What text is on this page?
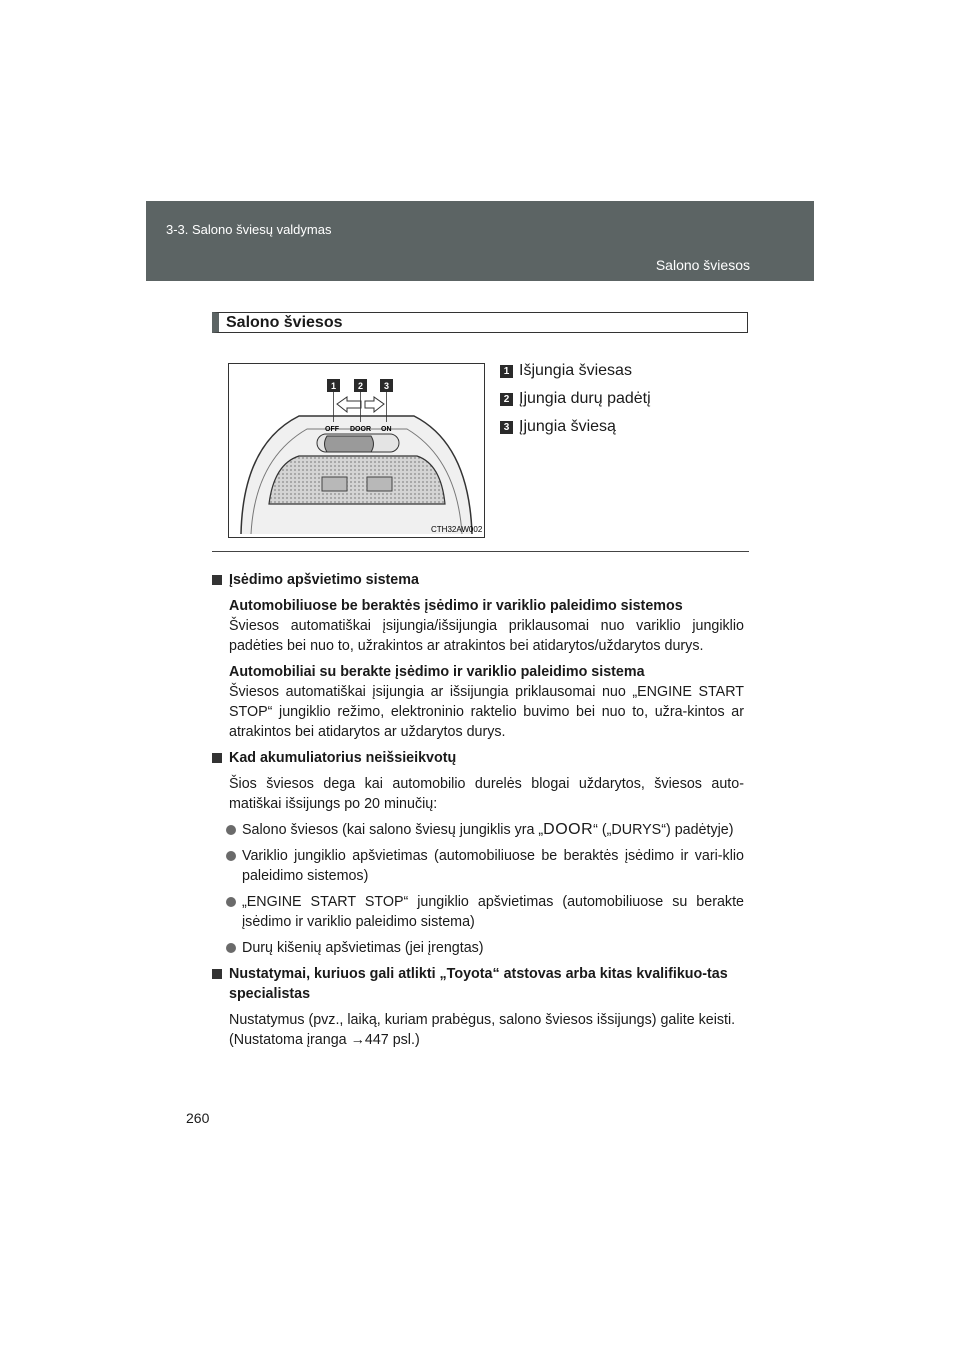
3-3. Salono šviesų valdymas
Salono šviesos
Salono šviesos
OFF DOOR ON
1 2 3
CTH32AW002
1 Išjungia šviesas
2 Įjungia durų padėtį
3 Įjungia šviesą
Įsėdimo apšvietimo sistema
Automobiliuose be beraktės įsėdimo ir variklio paleidimo sistemos
Šviesos automatiškai įsijungia/išsijungia priklausomai nuo variklio jungiklio padėties bei nuo to, užrakintos ar atrakintos bei atidarytos/uždarytos durys.
Automobiliai su berakte įsėdimo ir variklio paleidimo sistema
Šviesos automatiškai įsijungia ar išsijungia priklausomai nuo „ENGINE START STOP“ jungiklio režimo, elektroninio raktelio buvimo bei nuo to, užra-kintos ar atrakintos bei atidarytos ar uždarytos durys.
Kad akumuliatorius neišsieikvotų
Šios šviesos dega kai automobilio durelės blogai uždarytos, šviesos auto-matiškai išsijungs po 20 minučių:
Salono šviesos (kai salono šviesų jungiklis yra „DOOR“ („DURYS“) padėtyje)
Variklio jungiklio apšvietimas (automobiliuose be beraktės įsėdimo ir vari-klio paleidimo sistemos)
„ENGINE START STOP“ jungiklio apšvietimas (automobiliuose su berakte įsėdimo ir variklio paleidimo sistema)
Durų kišenių apšvietimas (jei įrengtas)
Nustatymai, kuriuos gali atlikti „Toyota“ atstovas arba kitas kvalifikuo-tas specialistas
Nustatymus (pvz., laiką, kuriam prabėgus, salono šviesos išsijungs) galite keisti.
(Nustatoma įranga →447 psl.)
260
